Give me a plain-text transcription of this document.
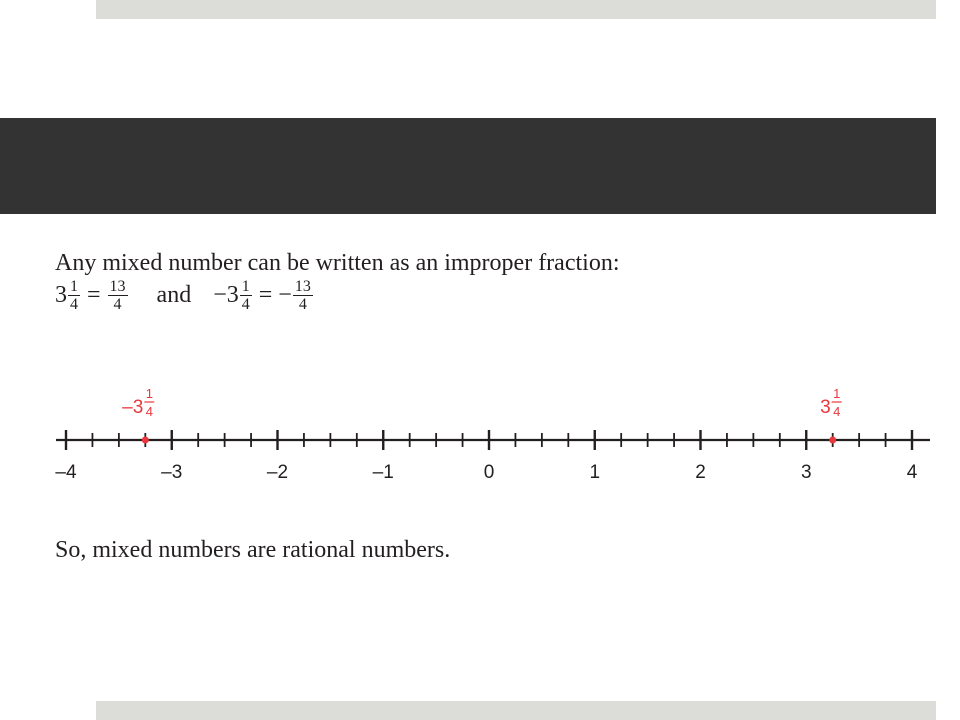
Any mixed number can be written as an improper fraction:
$3 \frac{1}{4} = \frac{13}{4}$ and − $3 \frac{1}{4}$ = − $\frac{13}{4}$
–4	–3	–2	–1	0	1	2	3	4
–3
1
4	3
1
4
So, mixed numbers are rational numbers.
